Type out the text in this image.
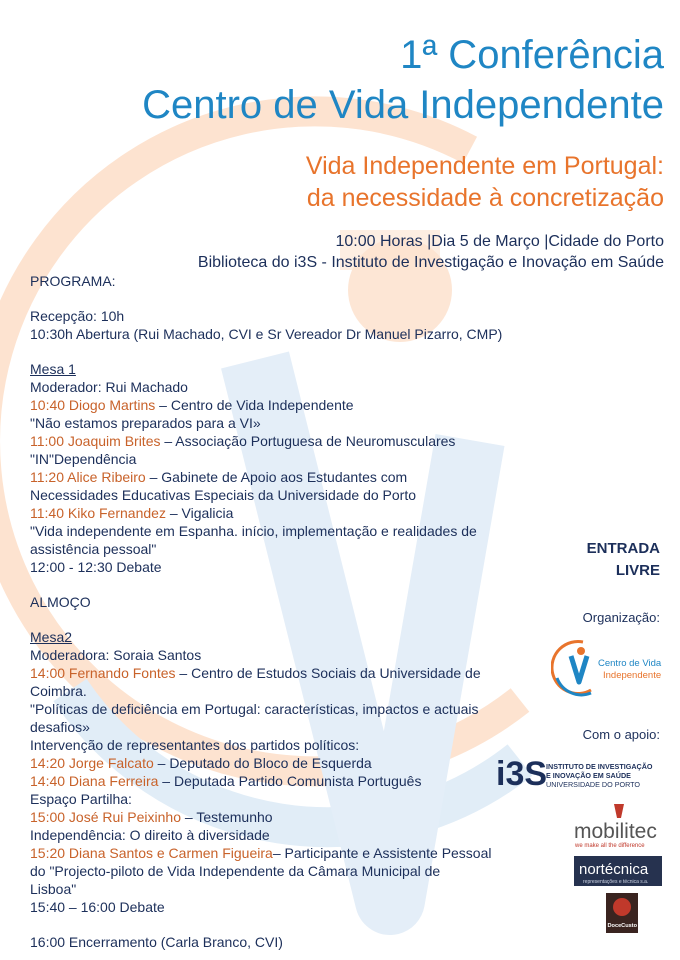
1ª Conferência
Centro de Vida Independente
Vida Independente em Portugal:
da necessidade à concretização
10:00 Horas |Dia 5 de Março |Cidade do Porto
Biblioteca do i3S - Instituto de Investigação e Inovação em Saúde
PROGRAMA:
Recepção: 10h
10:30h Abertura (Rui Machado, CVI e Sr Vereador Dr Manuel Pizarro, CMP)
Mesa 1
Moderador: Rui Machado
10:40 Diogo Martins – Centro de Vida Independente
"Não estamos preparados para a VI»
11:00 Joaquim Brites – Associação Portuguesa de Neuromusculares
"IN"Dependência
11:20 Alice Ribeiro – Gabinete de Apoio aos Estudantes com
Necessidades Educativas Especiais da Universidade do Porto
11:40 Kiko Fernandez – Vigalicia
"Vida independente em Espanha. início, implementação e realidades de
assistência pessoal"
12:00 - 12:30 Debate
ALMOÇO
Mesa2
Moderadora: Soraia Santos
14:00 Fernando Fontes – Centro de Estudos Sociais da Universidade de
Coimbra.
"Políticas de deficiência em Portugal: características, impactos e actuais
desafios»
Intervenção de representantes dos partidos políticos:
14:20 Jorge Falcato – Deputado do Bloco de Esquerda
14:40 Diana Ferreira – Deputada Partido Comunista Português
Espaço Partilha:
15:00 José Rui Peixinho – Testemunho
Independência: O direito à diversidade
15:20 Diana Santos e Carmen Figueira– Participante e Assistente Pessoal
do "Projecto-piloto de Vida Independente da Câmara Municipal de
Lisboa"
15:40 – 16:00 Debate
16:00 Encerramento (Carla Branco, CVI)
ENTRADA
LIVRE
Organização:
Centro de Vida
Independente
Com o apoio:
i3S
INSTITUTO DE INVESTIGAÇÃO
E INOVAÇÃO EM SAÚDE
UNIVERSIDADE DO PORTO
mobilitec
we make all the difference
nortécnica
representações e técnica s.a.
DoceCusto
